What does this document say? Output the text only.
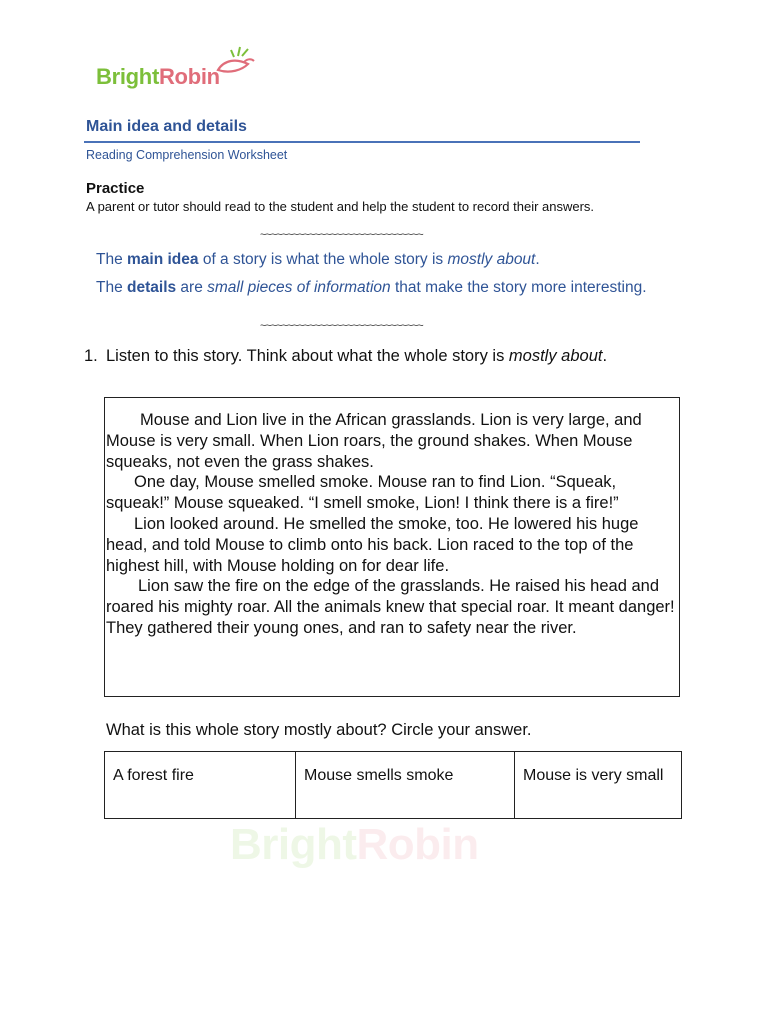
BrightRobin
Main idea and details
Reading Comprehension Worksheet
Practice
A parent or tutor should read to the student and help the student to record their answers.
~~~~~~~~~~~~~~~~~~~~~~~~~~~~~~
The main idea of a story is what the whole story is mostly about.
The details are small pieces of information that make the story more interesting.
~~~~~~~~~~~~~~~~~~~~~~~~~~~~~~
1. Listen to this story. Think about what the whole story is mostly about.

Mouse and Lion live in the African grasslands. Lion is very large, and Mouse is very small. When Lion roars, the ground shakes. When Mouse squeaks, not even the grass shakes.

One day, Mouse smelled smoke. Mouse ran to find Lion. “Squeak, squeak!” Mouse squeaked. “I smell smoke, Lion! I think there is a fire!”

Lion looked around. He smelled the smoke, too. He lowered his huge head, and told Mouse to climb onto his back. Lion raced to the top of the highest hill, with Mouse holding on for dear life.

Lion saw the fire on the edge of the grasslands. He raised his head and roared his mighty roar. All the animals knew that special roar. It meant danger! They gathered their young ones, and ran to safety near the river.

What is this whole story mostly about? Circle your answer.
A forest fire	Mouse smells smoke	Mouse is very small
BrightRobin
